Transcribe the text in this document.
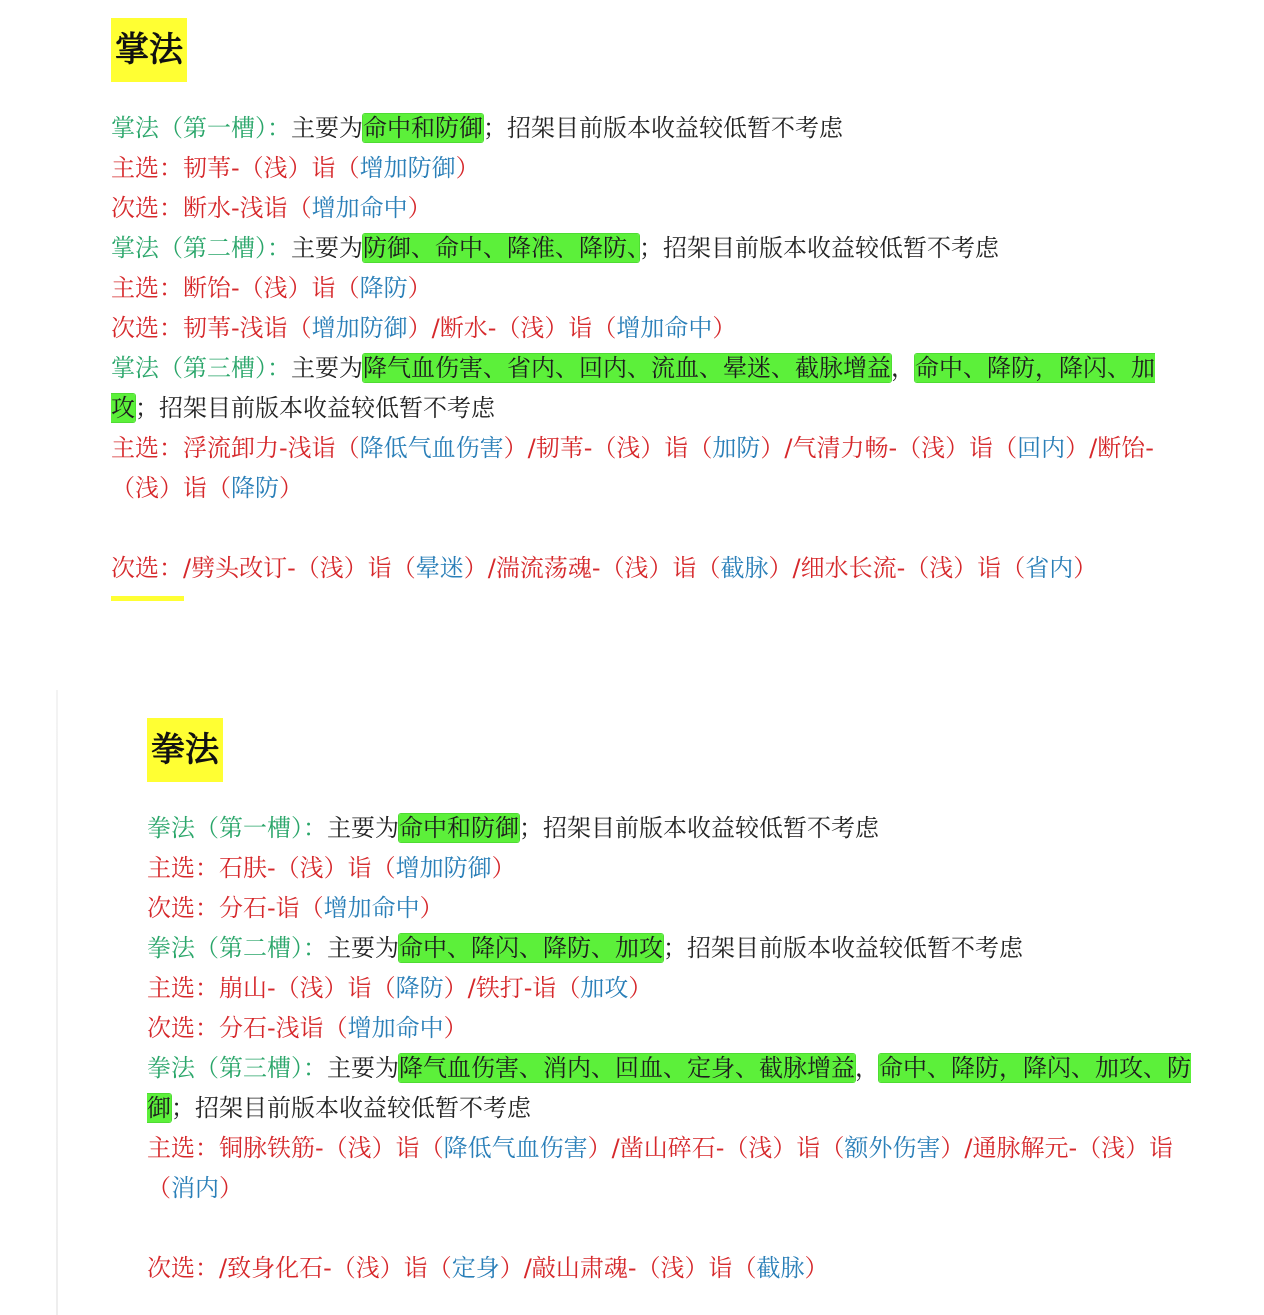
掌法
掌法（第一槽）：主要为命中和防御；招架目前版本收益较低暂不考虑
主选：韧苇-（浅）诣（增加防御）
次选：断水-浅诣（增加命中）
掌法（第二槽）：主要为防御、命中、降准、降防、；招架目前版本收益较低暂不考虑
主选：断饴-（浅）诣（降防）
次选：韧苇-浅诣（增加防御）/断水-（浅）诣（增加命中）
掌法（第三槽）：主要为降气血伤害、省内、回内、流血、晕迷、截脉增益，命中、降防，降闪、加攻；招架目前版本收益较低暂不考虑
主选：浮流卸力-浅诣（降低气血伤害）/韧苇-（浅）诣（加防）/气清力畅-（浅）诣（回内）/断饴-（浅）诣（降防）
次选：/劈头改订-（浅）诣（晕迷）/湍流荡魂-（浅）诣（截脉）/细水长流-（浅）诣（省内）
拳法
拳法（第一槽）：主要为命中和防御；招架目前版本收益较低暂不考虑
主选：石肤-（浅）诣（增加防御）
次选：分石-诣（增加命中）
拳法（第二槽）：主要为命中、降闪、降防、加攻；招架目前版本收益较低暂不考虑
主选：崩山-（浅）诣（降防）/铁打-诣（加攻）
次选：分石-浅诣（增加命中）
拳法（第三槽）：主要为降气血伤害、消内、回血、定身、截脉增益，命中、降防，降闪、加攻、防御；招架目前版本收益较低暂不考虑
主选：铜脉铁筋-（浅）诣（降低气血伤害）/凿山碎石-（浅）诣（额外伤害）/通脉解元-（浅）诣（消内）
次选：/致身化石-（浅）诣（定身）/敲山肃魂-（浅）诣（截脉）
